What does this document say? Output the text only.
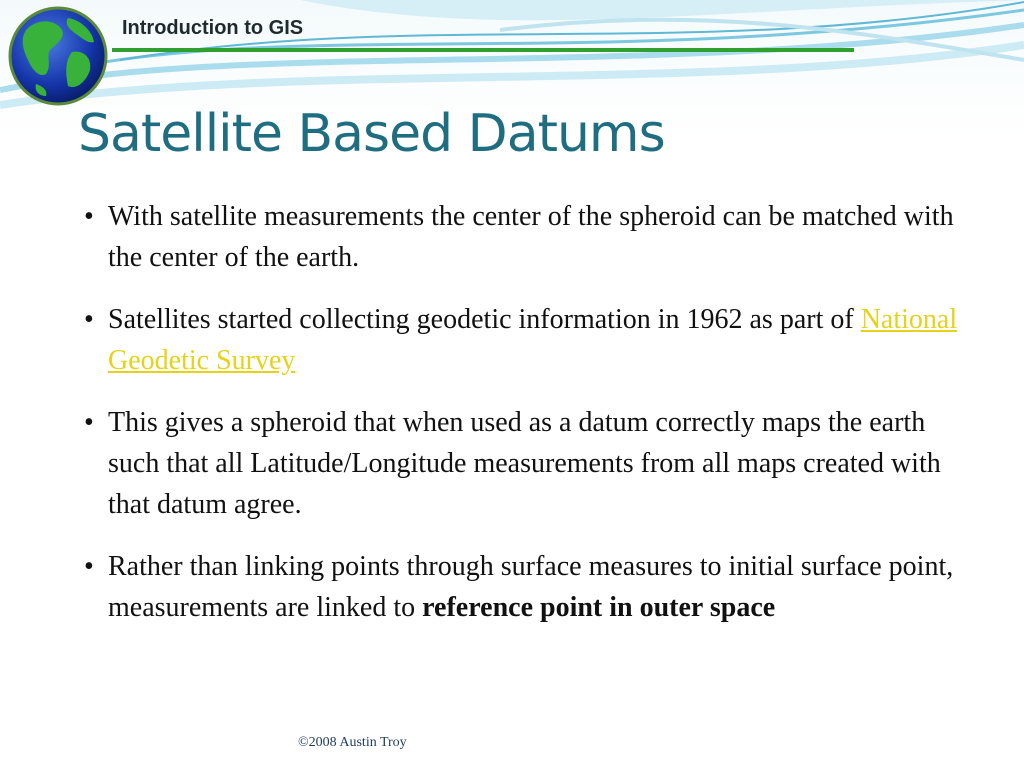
Introduction to GIS
Satellite Based Datums
• With satellite measurements the center of the spheroid can be matched with the center of the earth.
• Satellites started collecting geodetic information in 1962 as part of National Geodetic Survey
• This gives a spheroid that when used as a datum correctly maps the earth such that all Latitude/Longitude measurements from all maps created with that datum agree.
• Rather than linking points through surface measures to initial surface point, measurements are linked to reference point in outer space
©2008 Austin Troy
